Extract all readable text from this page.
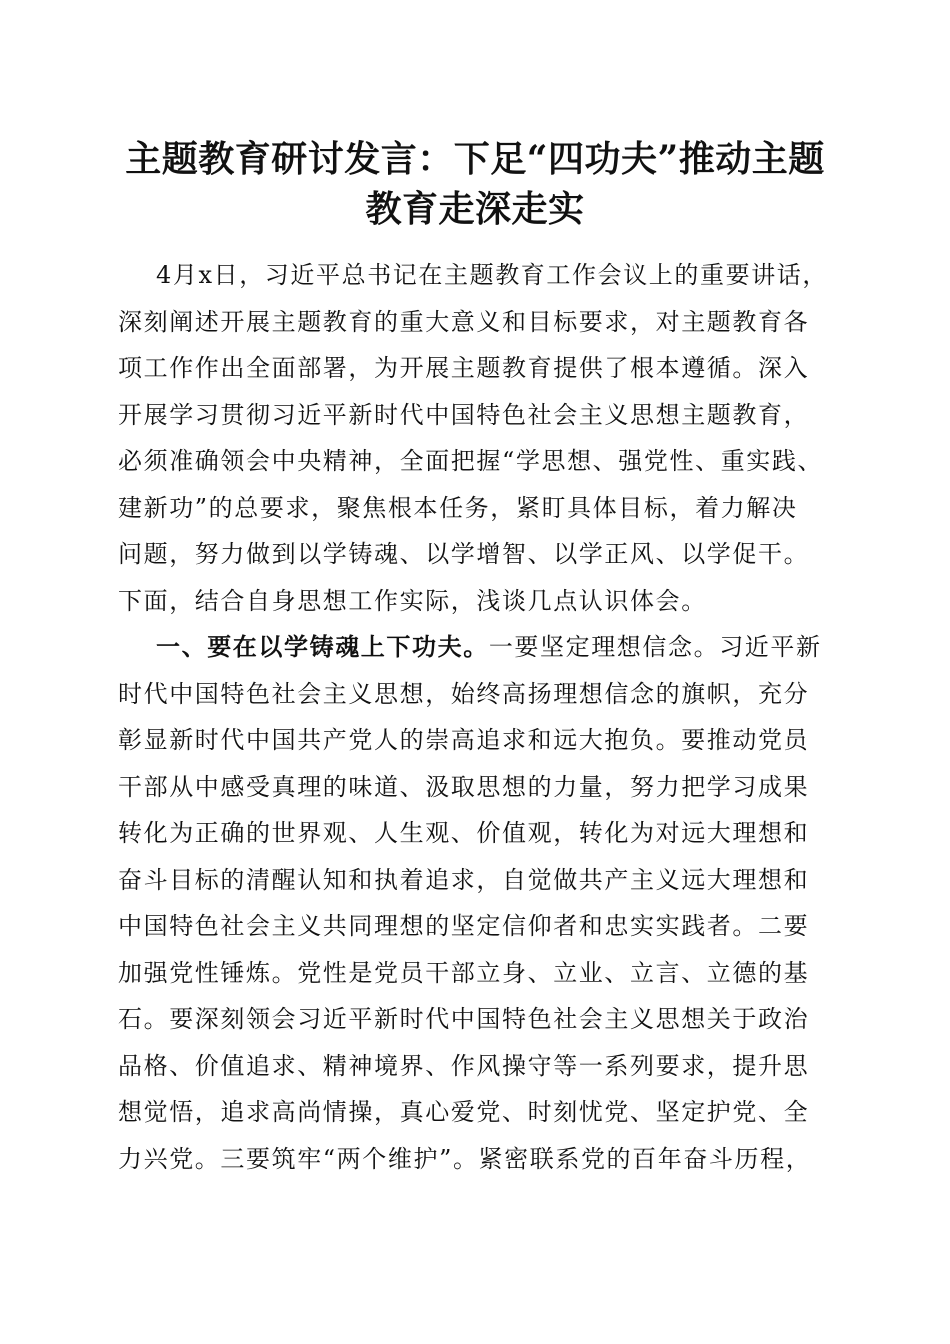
主题教育研讨发言：下足“四功夫”推动主题
教育走深走实
4月x日，习近平总书记在主题教育工作会议上的重要讲话，
深刻阐述开展主题教育的重大意义和目标要求，对主题教育各
项工作作出全面部署，为开展主题教育提供了根本遵循。深入
开展学习贯彻习近平新时代中国特色社会主义思想主题教育，
必须准确领会中央精神，全面把握“学思想、强党性、重实践、
建新功”的总要求，聚焦根本任务，紧盯具体目标，着力解决
问题，努力做到以学铸魂、以学增智、以学正风、以学促干。
下面，结合自身思想工作实际，浅谈几点认识体会。
一、要在以学铸魂上下功夫。一要坚定理想信念。习近平新
时代中国特色社会主义思想，始终高扬理想信念的旗帜，充分
彰显新时代中国共产党人的崇高追求和远大抱负。要推动党员
干部从中感受真理的味道、汲取思想的力量，努力把学习成果
转化为正确的世界观、人生观、价值观，转化为对远大理想和
奋斗目标的清醒认知和执着追求，自觉做共产主义远大理想和
中国特色社会主义共同理想的坚定信仰者和忠实实践者。二要
加强党性锤炼。党性是党员干部立身、立业、立言、立德的基
石。要深刻领会习近平新时代中国特色社会主义思想关于政治
品格、价值追求、精神境界、作风操守等一系列要求，提升思
想觉悟，追求高尚情操，真心爱党、时刻忧党、坚定护党、全
力兴党。三要筑牢“两个维护”。紧密联系党的百年奋斗历程，
